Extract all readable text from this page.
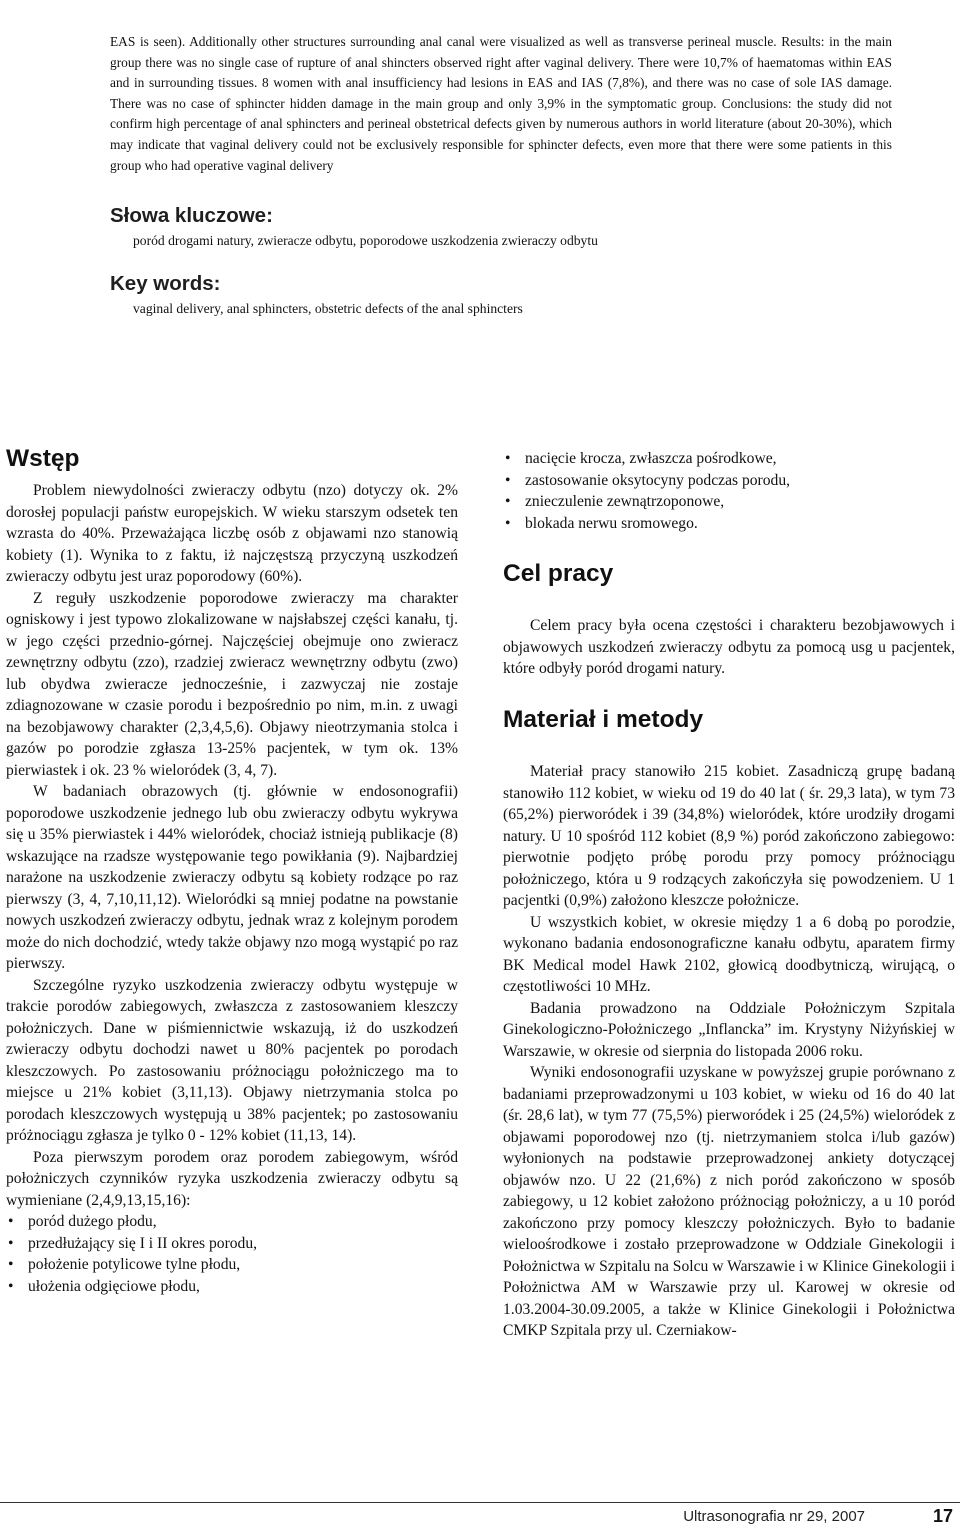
EAS is seen). Additionally other structures surrounding anal canal were visualized as well as transverse perineal muscle. Results: in the main group there was no single case of rupture of anal shincters observed right after vaginal delivery. There were 10,7% of haematomas within EAS and in surrounding tissues. 8 women with anal insufficiency had lesions in EAS and IAS (7,8%), and there was no case of sole IAS damage. There was no case of sphincter hidden damage in the main group and only 3,9% in the symptomatic group. Conclusions: the study did not confirm high percentage of anal sphincters and perineal obstetrical defects given by numerous authors in world literature (about 20-30%), which may indicate that vaginal delivery could not be exclusively responsible for sphincter defects, even more that there were some patients in this group who had operative vaginal delivery
Słowa kluczowe:
poród drogami natury, zwieracze odbytu, poporodowe uszkodzenia zwieraczy odbytu
Key words:
vaginal delivery, anal sphincters, obstetric defects of the anal sphincters
Wstęp

Problem niewydolności zwieraczy odbytu (nzo) dotyczy ok. 2% dorosłej populacji państw europejskich. W wieku starszym odsetek ten wzrasta do 40%. Przeważająca liczbę osób z objawami nzo stanowią kobiety (1). Wynika to z faktu, iż najczęstszą przyczyną uszkodzeń zwieraczy odbytu jest uraz poporodowy (60%).

Z reguły uszkodzenie poporodowe zwieraczy ma charakter ogniskowy i jest typowo zlokalizowane w najsłabszej części kanału, tj. w jego części przednio-górnej. Najczęściej obejmuje ono zwieracz zewnętrzny odbytu (zzo), rzadziej zwieracz wewnętrzny odbytu (zwo) lub obydwa zwieracze jednocześnie, i zazwyczaj nie zostaje zdiagnozowane w czasie porodu i bezpośrednio po nim, m.in. z uwagi na bezobjawowy charakter (2,3,4,5,6). Objawy nieotrzymania stolca i gazów po porodzie zgłasza 13-25% pacjentek, w tym ok. 13% pierwiastek i ok. 23 % wieloródek (3, 4, 7).

W badaniach obrazowych (tj. głównie w endosonografii) poporodowe uszkodzenie jednego lub obu zwieraczy odbytu wykrywa się u 35% pierwiastek i 44% wieloródek, chociaż istnieją publikacje (8) wskazujące na rzadsze występowanie tego powikłania (9). Najbardziej narażone na uszkodzenie zwieraczy odbytu są kobiety rodzące po raz pierwszy (3, 4, 7,10,11,12). Wieloródki są mniej podatne na powstanie nowych uszkodzeń zwieraczy odbytu, jednak wraz z kolejnym porodem może do nich dochodzić, wtedy także objawy nzo mogą wystąpić po raz pierwszy.

Szczególne ryzyko uszkodzenia zwieraczy odbytu występuje w trakcie porodów zabiegowych, zwłaszcza z zastosowaniem kleszczy położniczych. Dane w piśmiennictwie wskazują, iż do uszkodzeń zwieraczy odbytu dochodzi nawet u 80% pacjentek po porodach kleszczowych. Po zastosowaniu próżnociągu położniczego ma to miejsce u 21% kobiet (3,11,13). Objawy nietrzymania stolca po porodach kleszczowych występują u 38% pacjentek; po zastosowaniu próżnociągu zgłasza je tylko 0 - 12% kobiet (11,13, 14).

Poza pierwszym porodem oraz porodem zabiegowym, wśród położniczych czynników ryzyka uszkodzenia zwieraczy odbytu są wymieniane (2,4,9,13,15,16):

• poród dużego płodu,
• przedłużający się I i II okres porodu,
• położenie potylicowe tylne płodu,
• ułożenia odgięciowe płodu,
• nacięcie krocza, zwłaszcza pośrodkowe,
• zastosowanie oksytocyny podczas porodu,
• znieczulenie zewnątrzoponowe,
• blokada nerwu sromowego.
Cel pracy

Celem pracy była ocena częstości i charakteru bezobjawowych i objawowych uszkodzeń zwieraczy odbytu za pomocą usg u pacjentek, które odbyły poród drogami natury.

Materiał i metody

Materiał pracy stanowiło 215 kobiet. Zasadniczą grupę badaną stanowiło 112 kobiet, w wieku od 19 do 40 lat ( śr. 29,3 lata), w tym 73 (65,2%) pierworódek i 39 (34,8%) wieloródek, które urodziły drogami natury. U 10 spośród 112 kobiet (8,9 %) poród zakończono zabiegowo: pierwotnie podjęto próbę porodu przy pomocy próżnociągu położniczego, która u 9 rodzących zakończyła się powodzeniem. U 1 pacjentki (0,9%) założono kleszcze położnicze.

U wszystkich kobiet, w okresie między 1 a 6 dobą po porodzie, wykonano badania endosonograficzne kanału odbytu, aparatem firmy BK Medical model Hawk 2102, głowicą doodbytniczą, wirującą, o częstotliwości 10 MHz.

Badania prowadzono na Oddziale Położniczym Szpitala Ginekologiczno-Położniczego „Inflancka” im. Krystyny Niżyńskiej w Warszawie, w okresie od sierpnia do listopada 2006 roku.

Wyniki endosonografii uzyskane w powyższej grupie porównano z badaniami przeprowadzonymi u 103 kobiet, w wieku od 16 do 40 lat (śr. 28,6 lat), w tym 77 (75,5%) pierworódek i 25 (24,5%) wieloródek z objawami poporodowej nzo (tj. nietrzymaniem stolca i/lub gazów) wyłonionych na podstawie przeprowadzonej ankiety dotyczącej objawów nzo. U 22 (21,6%) z nich poród zakończono w sposób zabiegowy, u 12 kobiet założono próżnociąg położniczy, a u 10 poród zakończono przy pomocy kleszczy położniczych. Było to badanie wieloośrodkowe i zostało przeprowadzone w Oddziale Ginekologii i Położnictwa w Szpitalu na Solcu w Warszawie i w Klinice Ginekologii i Położnictwa AM w Warszawie przy ul. Karowej w okresie od 1.03.2004-30.09.2005, a także w Klinice Ginekologii i Położnictwa CMKP Szpitala przy ul. Czerniakow-

Ultrasonografia nr 29, 2007	17
